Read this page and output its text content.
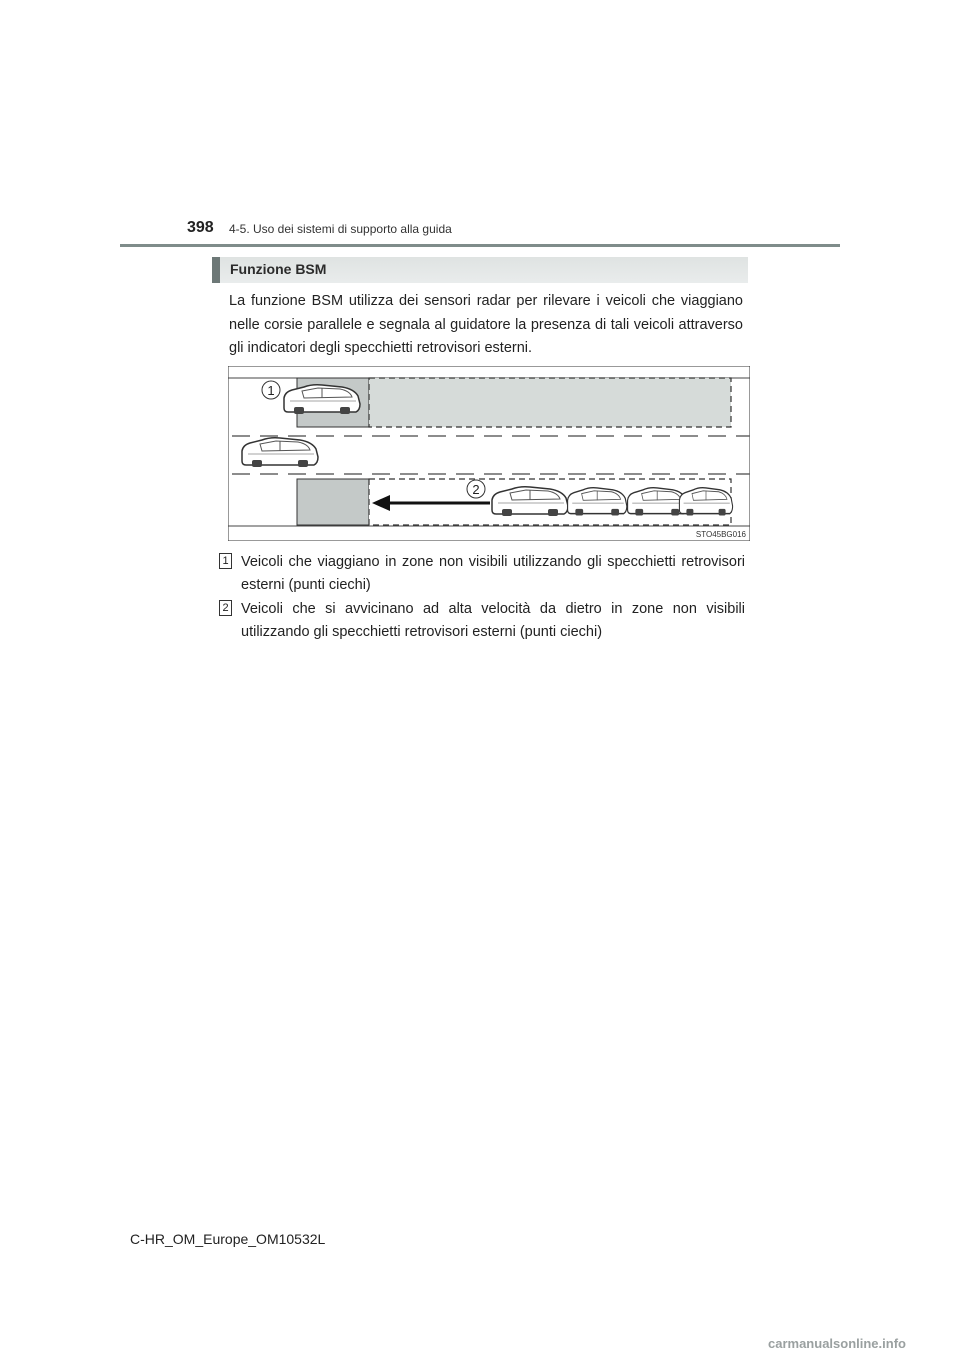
398 4-5. Uso dei sistemi di supporto alla guida
Funzione BSM

La funzione BSM utilizza dei sensori radar per rilevare i veicoli che viaggiano nelle corsie parallele e segnala al guidatore la presenza di tali veicoli attraverso gli indicatori degli specchietti retrovisori esterni.

1
2
STO45BG016
1 Veicoli che viaggiano in zone non visibili utilizzando gli specchietti retrovisori esterni (punti ciechi)

2 Veicoli che si avvicinano ad alta velocità da dietro in zone non visibili utilizzando gli specchietti retrovisori esterni (punti ciechi)

C-HR_OM_Europe_OM10532L
carmanualsonline.info
